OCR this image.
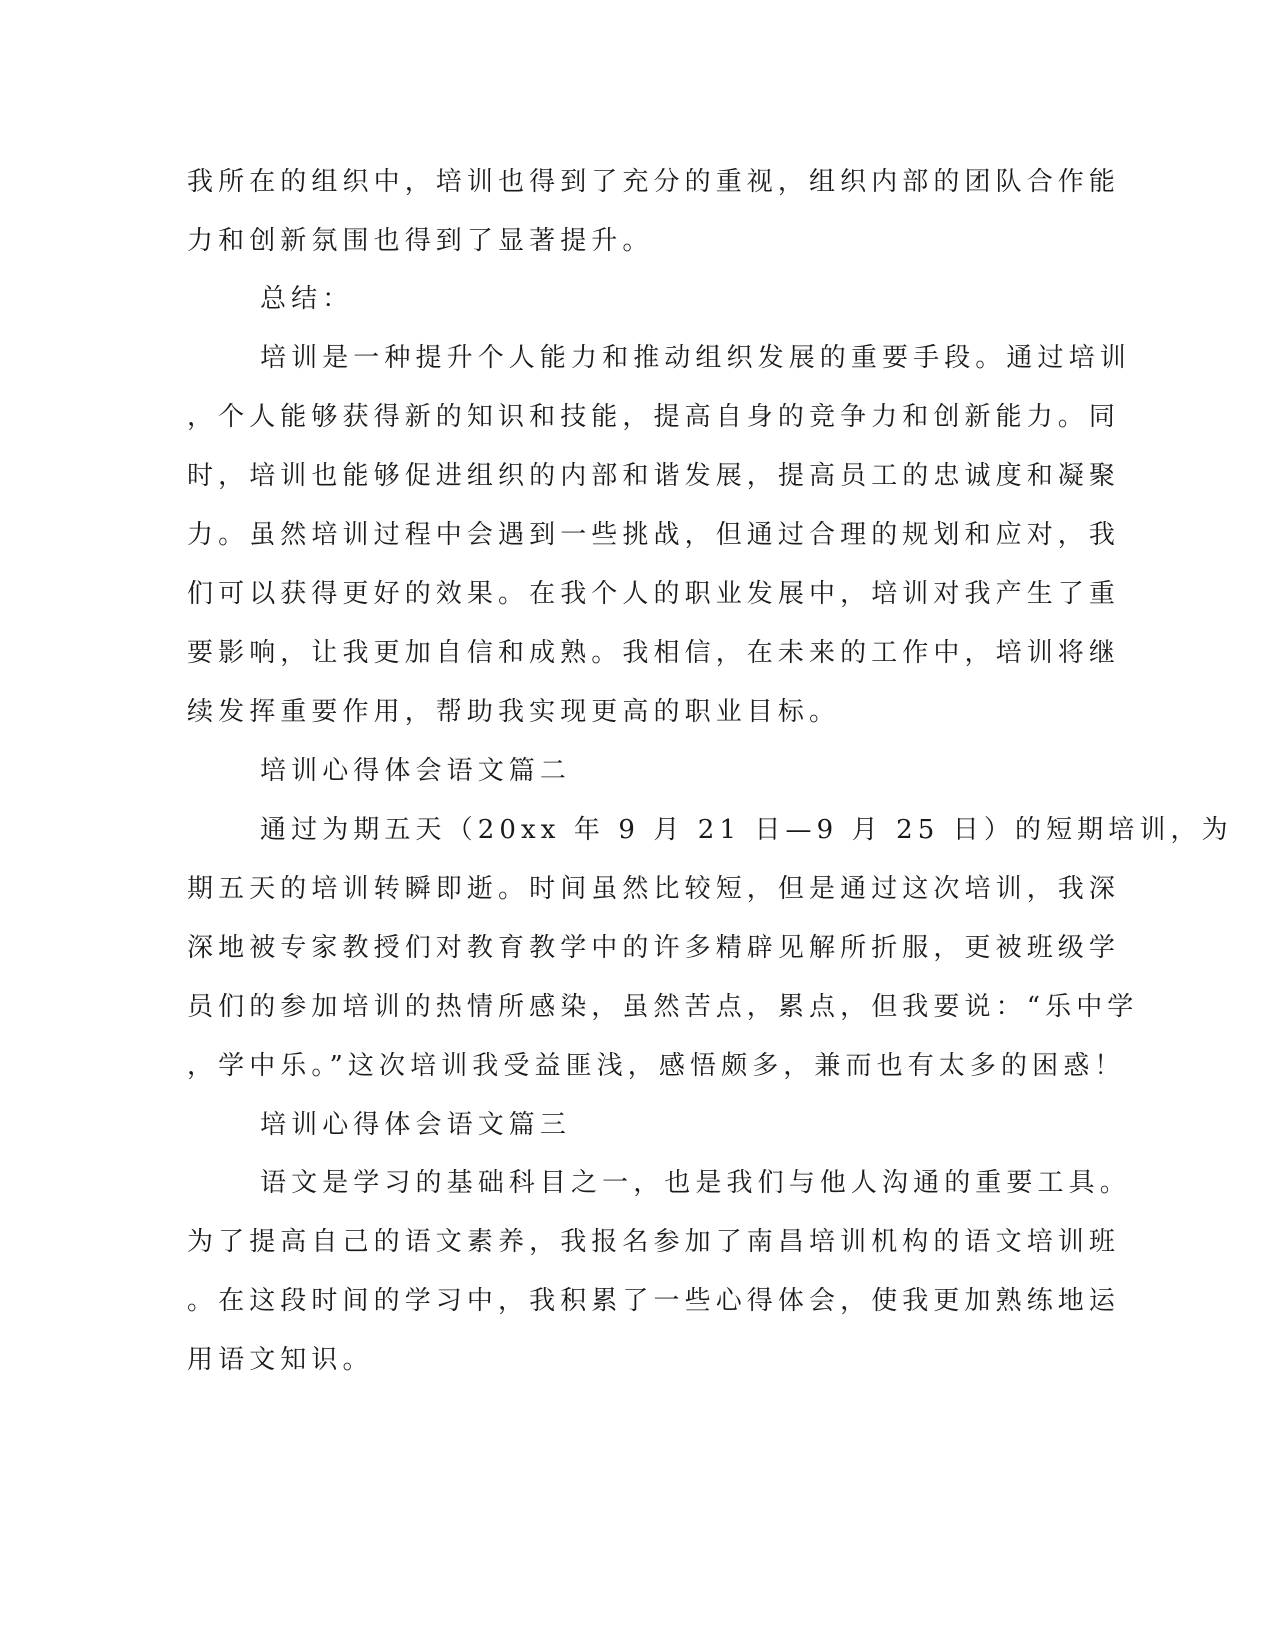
我所在的组织中，培训也得到了充分的重视，组织内部的团队合作能
力和创新氛围也得到了显著提升。
总结：
培训是一种提升个人能力和推动组织发展的重要手段。通过培训
，个人能够获得新的知识和技能，提高自身的竞争力和创新能力。同
时，培训也能够促进组织的内部和谐发展，提高员工的忠诚度和凝聚
力。虽然培训过程中会遇到一些挑战，但通过合理的规划和应对，我
们可以获得更好的效果。在我个人的职业发展中，培训对我产生了重
要影响，让我更加自信和成熟。我相信，在未来的工作中，培训将继
续发挥重要作用，帮助我实现更高的职业目标。
培训心得体会语文篇二
通过为期五天（20xx 年 9 月 21 日—9 月 25 日）的短期培训，为
期五天的培训转瞬即逝。时间虽然比较短，但是通过这次培训，我深
深地被专家教授们对教育教学中的许多精辟见解所折服，更被班级学
员们的参加培训的热情所感染，虽然苦点，累点，但我要说：“乐中学
，学中乐。”这次培训我受益匪浅，感悟颇多，兼而也有太多的困惑！
培训心得体会语文篇三
语文是学习的基础科目之一，也是我们与他人沟通的重要工具。
为了提高自己的语文素养，我报名参加了南昌培训机构的语文培训班
。在这段时间的学习中，我积累了一些心得体会，使我更加熟练地运
用语文知识。
